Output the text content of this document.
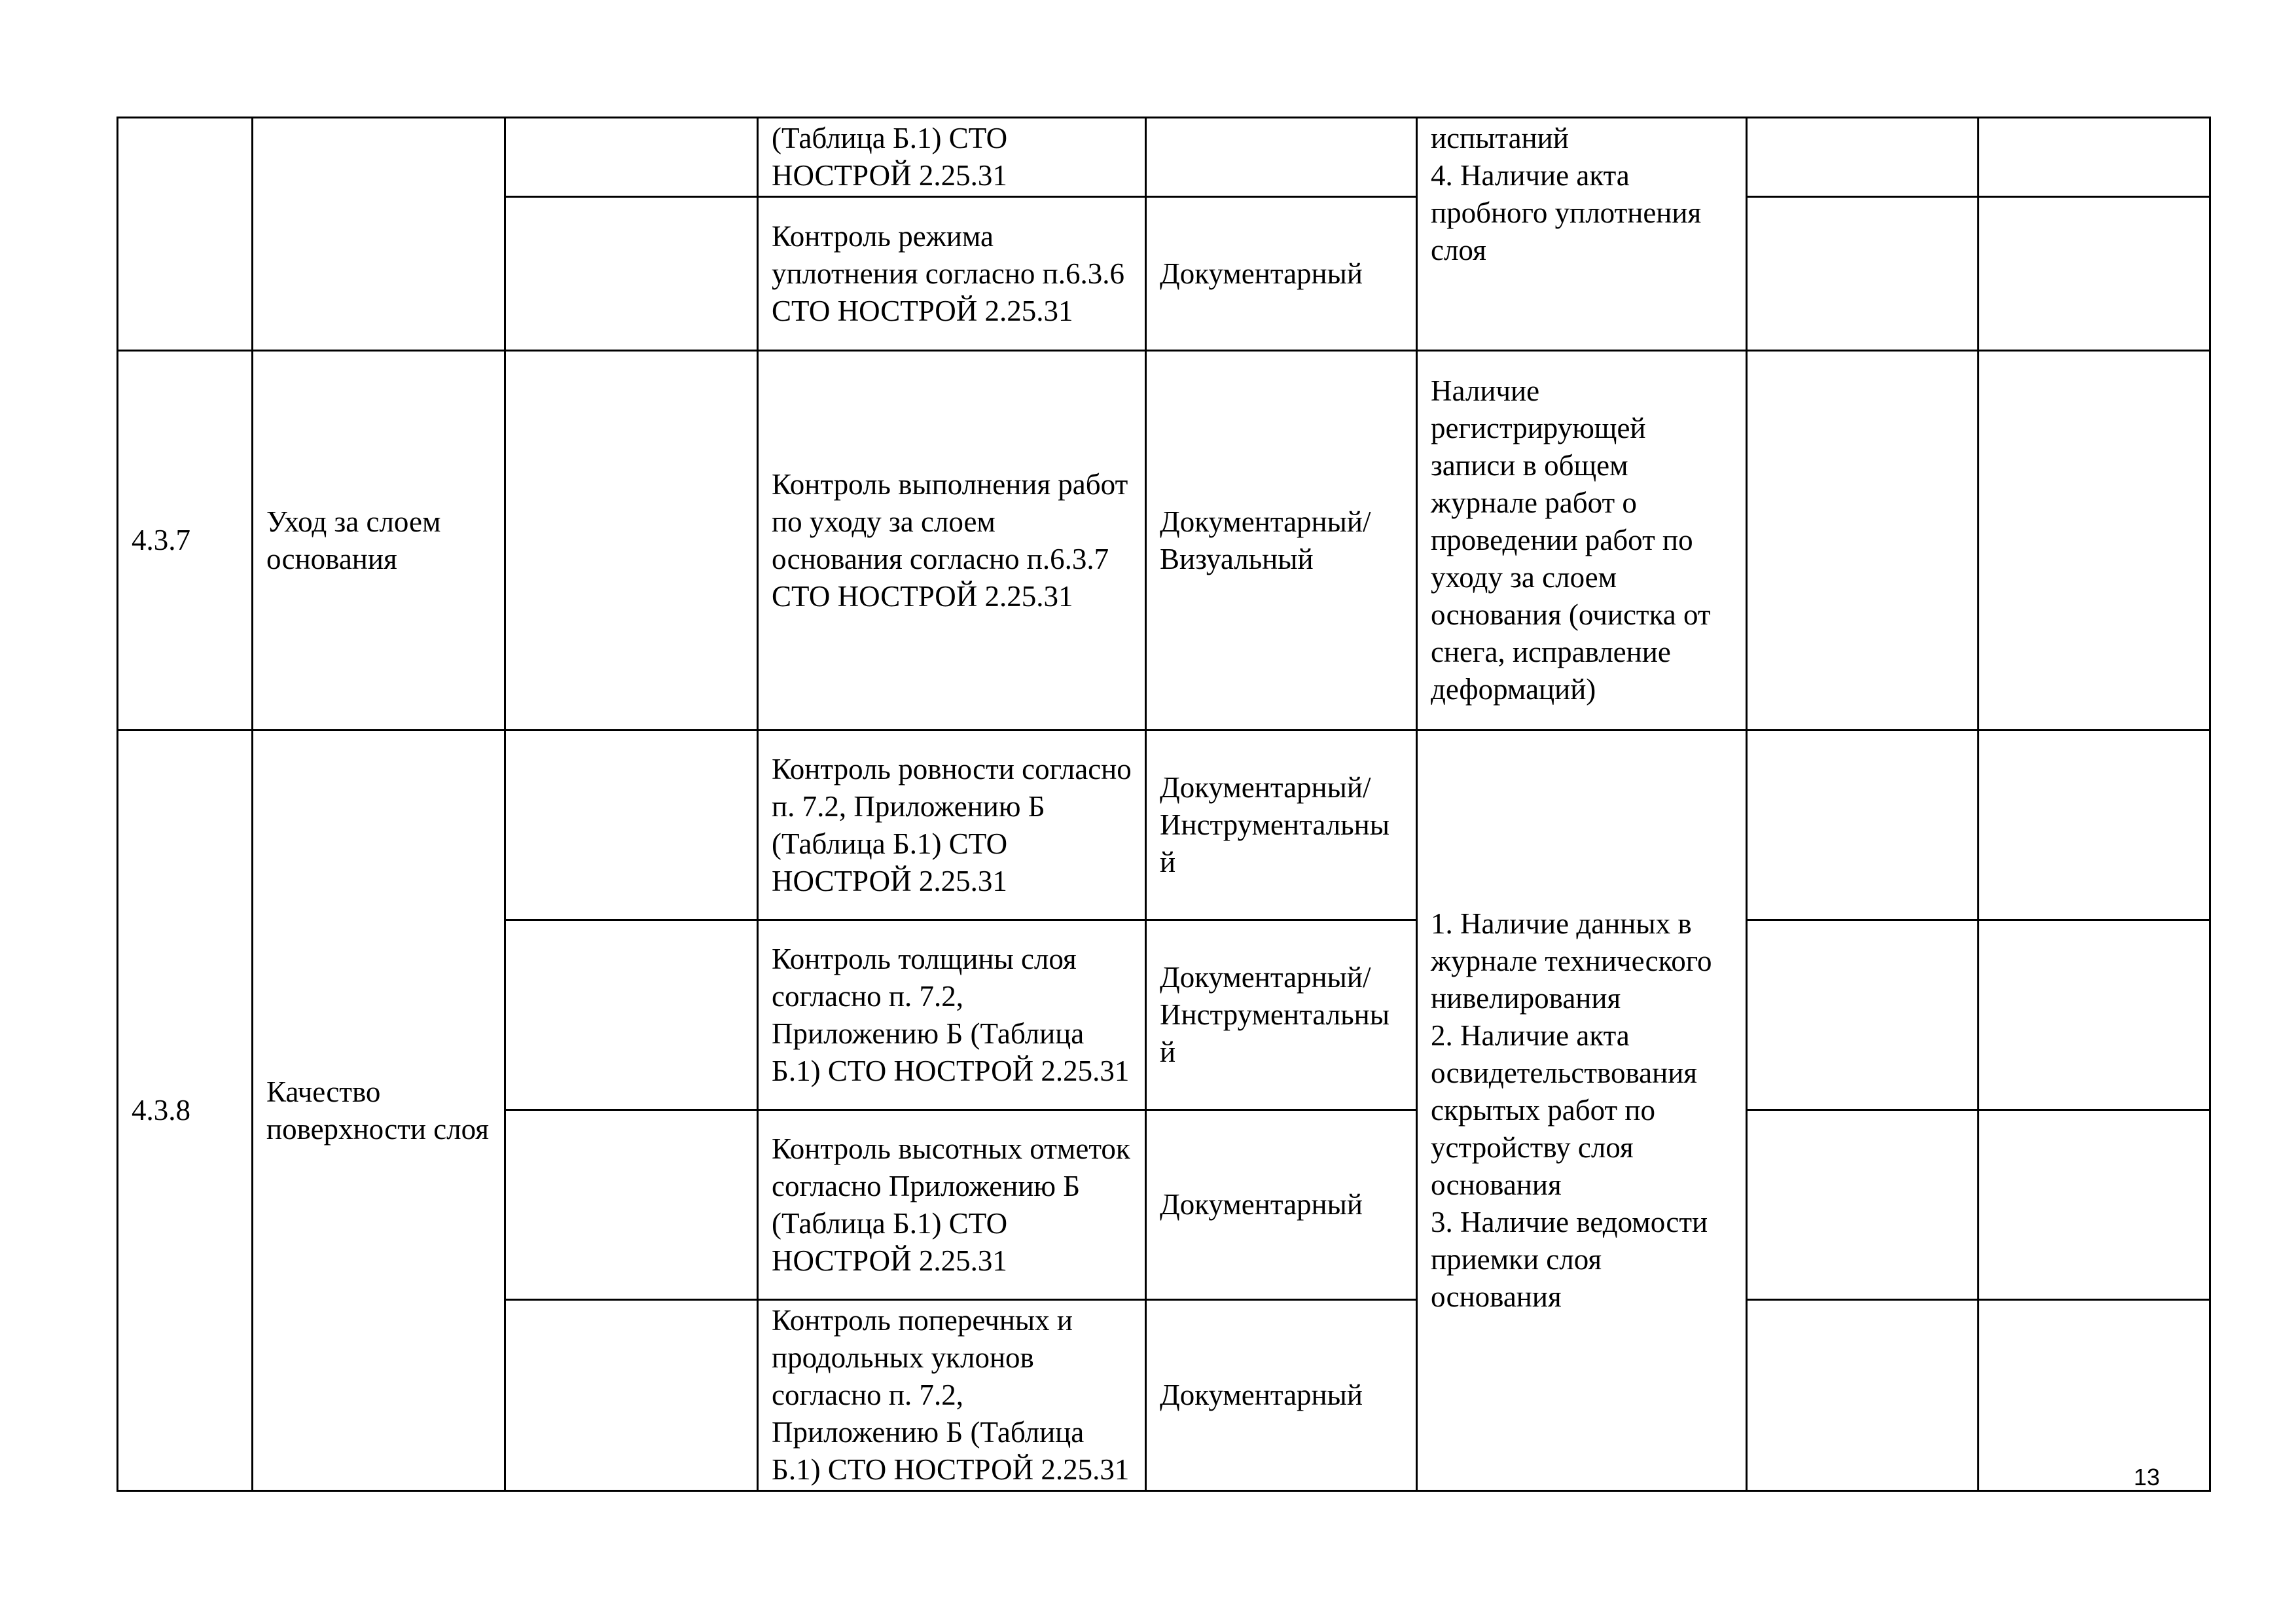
			(Таблица Б.1) СТО НОСТРОЙ 2.25.31		испытаний
4. Наличие акта пробного уплотнения слоя		
			Контроль режима уплотнения согласно п.6.3.6 СТО НОСТРОЙ 2.25.31	Документарный			
4.3.7	Уход за слоем основания		Контроль выполнения работ по уходу за слоем основания согласно п.6.3.7 СТО НОСТРОЙ 2.25.31	Документарный/ Визуальный	Наличие регистрирующей записи в общем журнале работ о проведении работ по уходу за слоем основания (очистка от снега, исправление деформаций)		
4.3.8	Качество поверхности слоя		Контроль ровности согласно п. 7.2, Приложению Б (Таблица Б.1) СТО НОСТРОЙ 2.25.31	Документарный/ Инструментальный	1. Наличие данных в журнале технического нивелирования
2. Наличие акта освидетельствования скрытых работ по устройству слоя основания
3. Наличие ведомости приемки слоя основания		
			Контроль толщины слоя согласно п. 7.2, Приложению Б (Таблица Б.1) СТО НОСТРОЙ 2.25.31	Документарный/ Инструментальный			
			Контроль высотных отметок согласно Приложению Б (Таблица Б.1) СТО НОСТРОЙ 2.25.31	Документарный			
			Контроль поперечных и продольных уклонов согласно п. 7.2, Приложению Б (Таблица Б.1) СТО НОСТРОЙ 2.25.31	Документарный			
13
